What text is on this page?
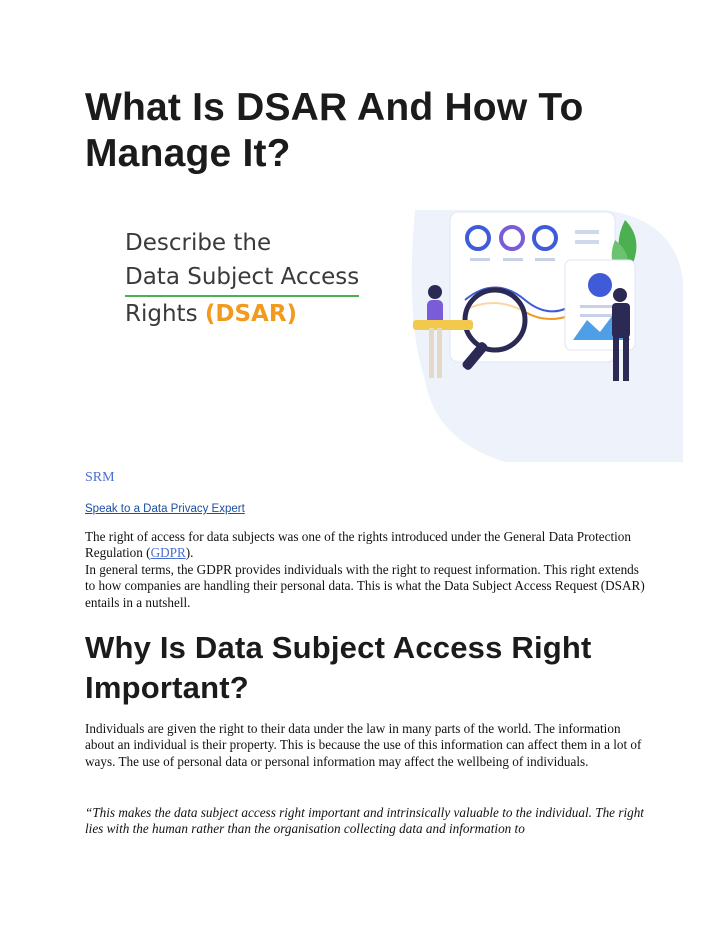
What Is DSAR And How To Manage It?
Describe the
Data Subject Access
Rights (DSAR)
SRM
Speak to a Data Privacy Expert

The right of access for data subjects was one of the rights introduced under the General Data Protection Regulation (GDPR).
In general terms, the GDPR provides individuals with the right to request information. This right extends to how companies are handling their personal data. This is what the Data Subject Access Request (DSAR) entails in a nutshell.

Why Is Data Subject Access Right Important?

Individuals are given the right to their data under the law in many parts of the world. The information about an individual is their property. This is because the use of this information can affect them in a lot of ways. The use of personal data or personal information may affect the wellbeing of individuals.

“This makes the data subject access right important and intrinsically valuable to the individual. The right lies with the human rather than the organisation collecting data and information to
